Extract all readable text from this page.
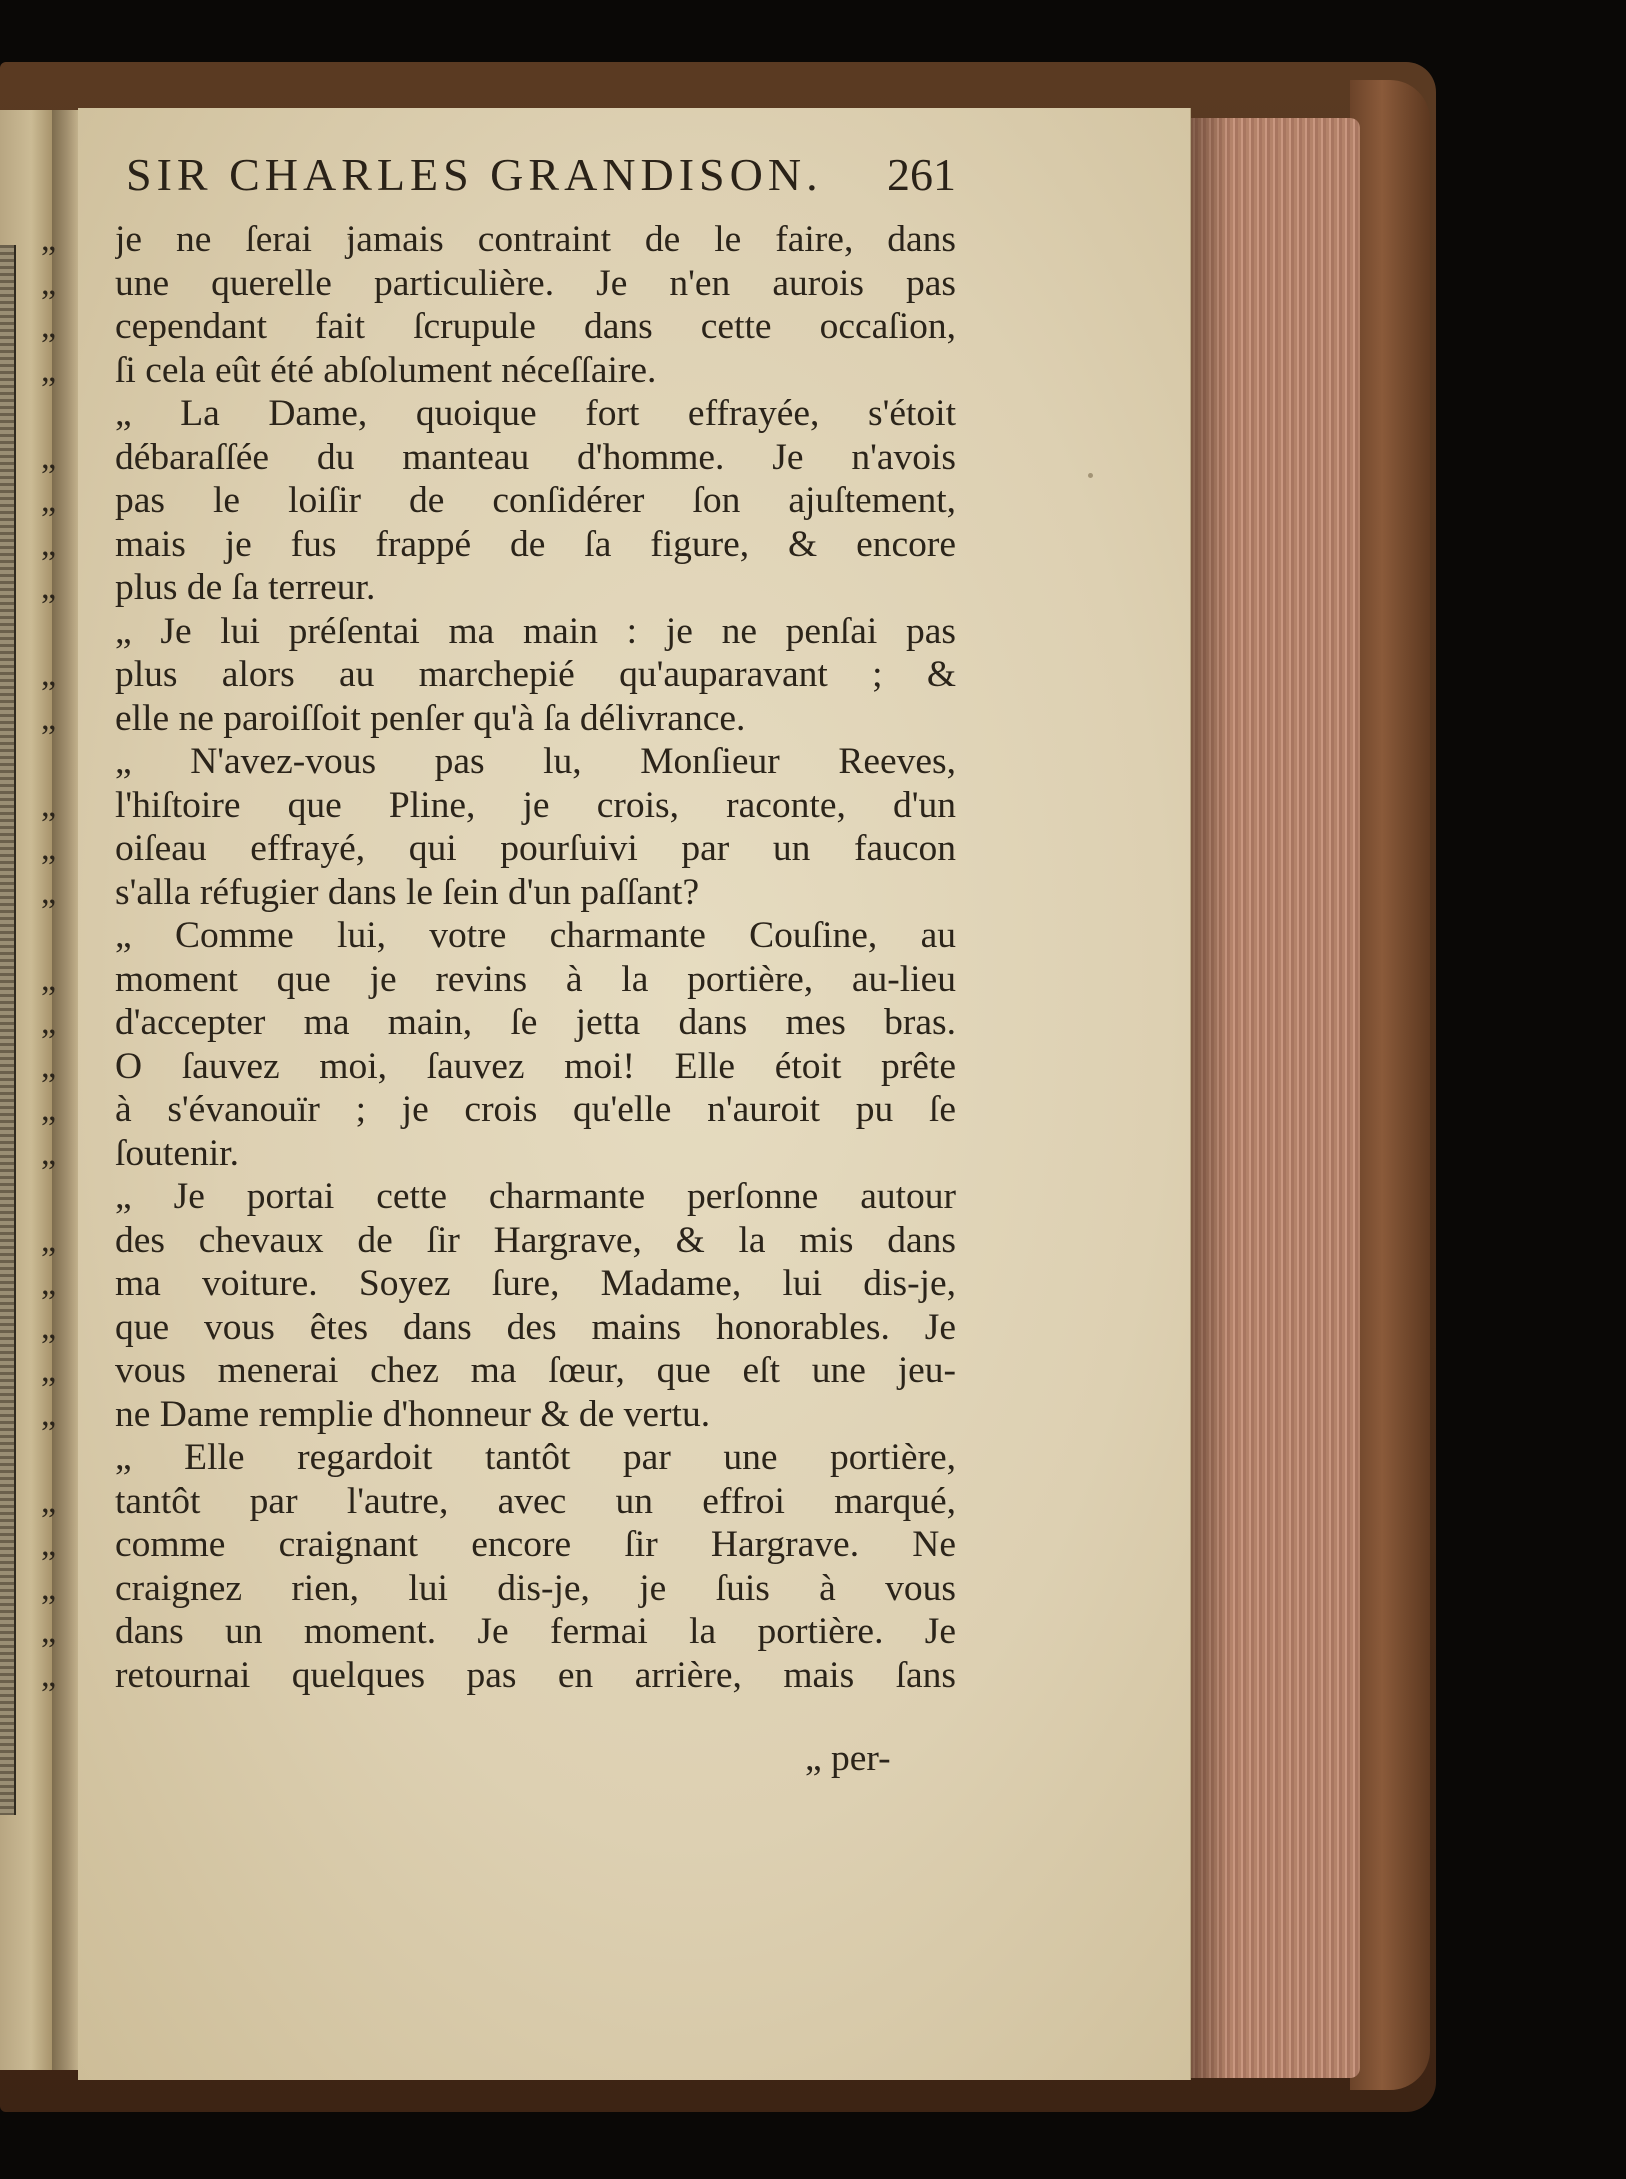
SIR CHARLES GRANDISON. 261
„	je ne ſerai jamais contraint de le faire, dans
„	une querelle particulière. Je n'en aurois pas
„	cependant fait ſcrupule dans cette occaſion,
„	ſi cela eût été abſolument néceſſaire.
„ La Dame, quoique fort effrayée, s'étoit
„	débaraſſée du manteau d'homme. Je n'avois
„	pas le loiſir de conſidérer ſon ajuſtement,
„	mais je fus frappé de ſa figure, & encore
„	plus de ſa terreur.
„ Je lui préſentai ma main : je ne penſai pas
„	plus alors au marchepié qu'auparavant ; &
„	elle ne paroiſſoit penſer qu'à ſa délivrance.
„ N'avez-vous pas lu, Monſieur Reeves,
„	l'hiſtoire que Pline, je crois, raconte, d'un
„	oiſeau effrayé, qui pourſuivi par un faucon
„	s'alla réfugier dans le ſein d'un paſſant?
„ Comme lui, votre charmante Couſine, au
„	moment que je revins à la portière, au-lieu
„	d'accepter ma main, ſe jetta dans mes bras.
„	O ſauvez moi, ſauvez moi! Elle étoit prête
„	à s'évanouïr ; je crois qu'elle n'auroit pu ſe
„	ſoutenir.
„ Je portai cette charmante perſonne autour
„	des chevaux de ſir Hargrave, & la mis dans
„	ma voiture. Soyez ſure, Madame, lui dis-je,
„	que vous êtes dans des mains honorables. Je
„	vous menerai chez ma ſœur, que eſt une jeu-
„	ne Dame remplie d'honneur & de vertu.
„ Elle regardoit tantôt par une portière,
„	tantôt par l'autre, avec un effroi marqué,
„	comme craignant encore ſir Hargrave. Ne
„	craignez rien, lui dis-je, je ſuis à vous
„	dans un moment. Je fermai la portière. Je
„	retournai quelques pas en arrière, mais ſans
„ per-
